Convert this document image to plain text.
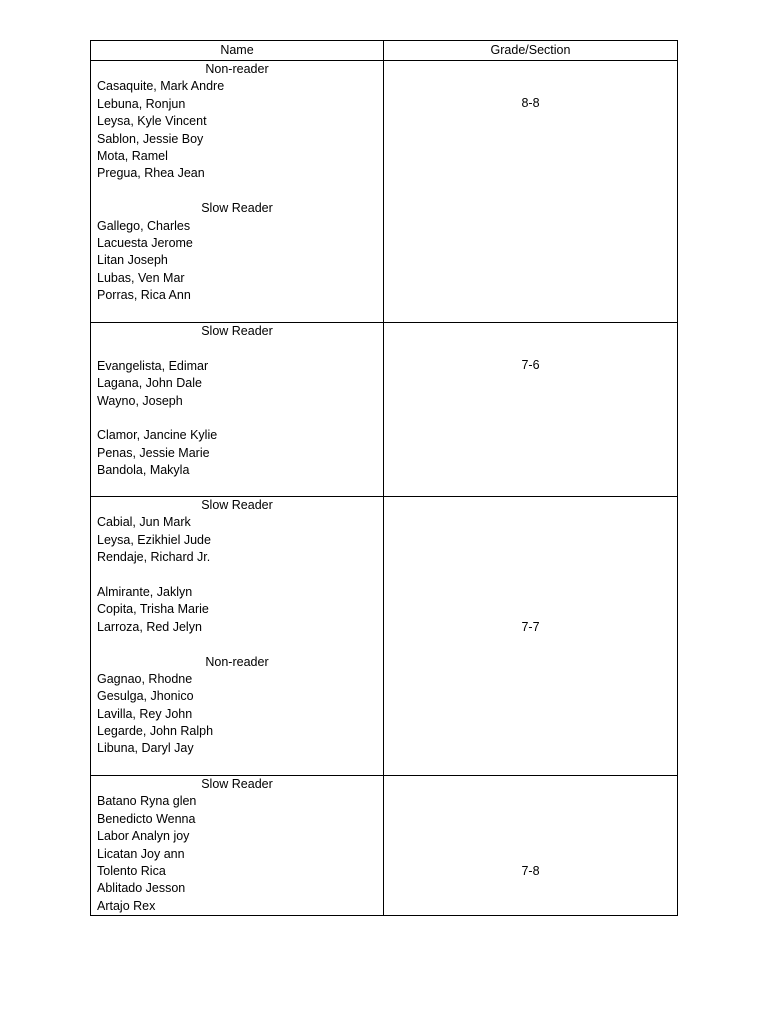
Name	Grade/Section
Non-reader
Casaquite, Mark Andre
Lebuna, Ronjun
Leysa, Kyle Vincent
Sablon, Jessie Boy
Mota, Ramel
Pregua, Rhea Jean
Slow Reader
Gallego, Charles
Lacuesta Jerome
Litan Joseph
Lubas, Ven Mar
Porras, Rica Ann
8-8
Slow Reader
Evangelista, Edimar
Lagana, John Dale
Wayno, Joseph
Clamor, Jancine Kylie
Penas, Jessie Marie
Bandola, Makyla
7-6
Slow Reader
Cabial, Jun Mark
Leysa, Ezikhiel Jude
Rendaje, Richard Jr.
Almirante, Jaklyn
Copita, Trisha Marie
Larroza, Red Jelyn
Non-reader
Gagnao, Rhodne
Gesulga, Jhonico
Lavilla, Rey John
Legarde, John Ralph
Libuna, Daryl Jay
7-7
Slow Reader
Batano Ryna glen
Benedicto Wenna
Labor Analyn joy
Licatan Joy ann
Tolento Rica
Ablitado Jesson
Artajo Rex
7-8
